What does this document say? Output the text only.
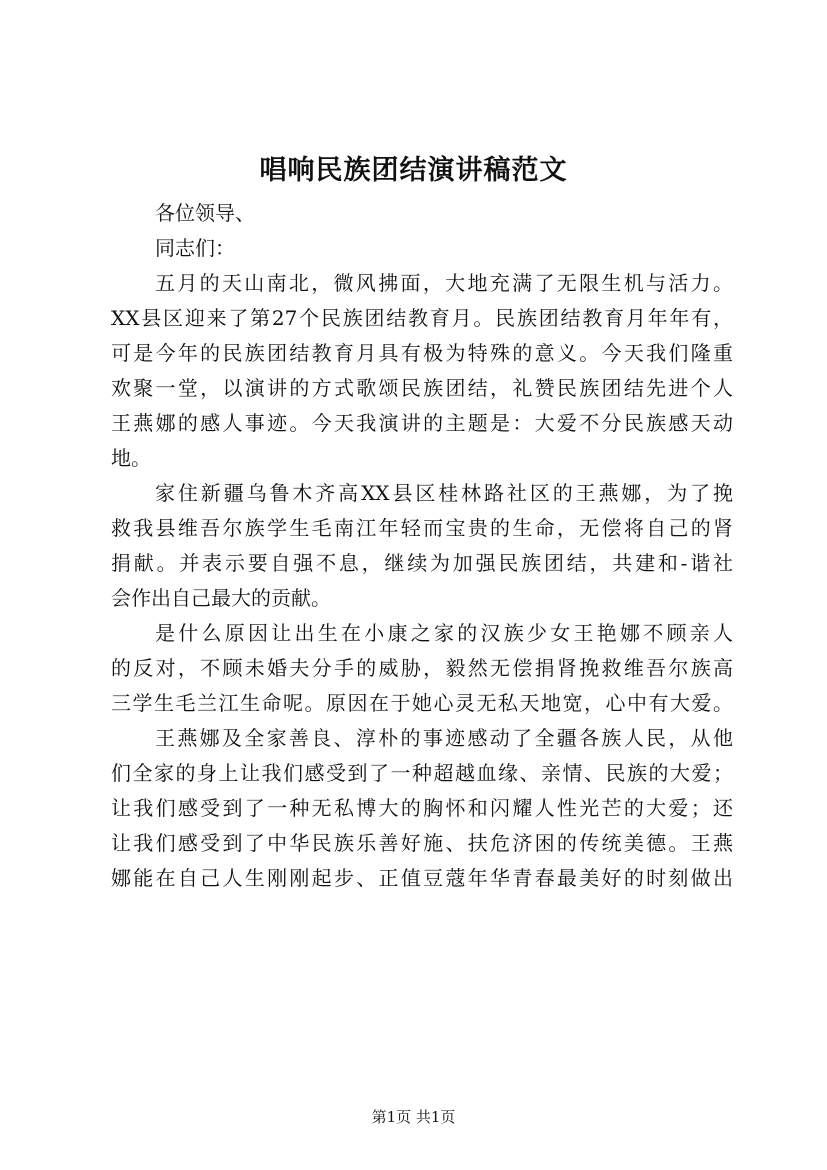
唱响民族团结演讲稿范文

各位领导、

同志们：

五月的天山南北，微风拂面，大地充满了无限生机与活力。

XX县区迎来了第27个民族团结教育月。民族团结教育月年年有，

可是今年的民族团结教育月具有极为特殊的意义。今天我们隆重

欢聚一堂，以演讲的方式歌颂民族团结，礼赞民族团结先进个人

王燕娜的感人事迹。今天我演讲的主题是：大爱不分民族感天动

地。

家住新疆乌鲁木齐高XX县区桂林路社区的王燕娜，为了挽

救我县维吾尔族学生毛南江年轻而宝贵的生命，无偿将自己的肾

捐献。并表示要自强不息，继续为加强民族团结，共建和-谐社

会作出自己最大的贡献。

是什么原因让出生在小康之家的汉族少女王艳娜不顾亲人

的反对，不顾未婚夫分手的威胁，毅然无偿捐肾挽救维吾尔族高

三学生毛兰江生命呢。原因在于她心灵无私天地宽，心中有大爱。

王燕娜及全家善良、淳朴的事迹感动了全疆各族人民，从他

们全家的身上让我们感受到了一种超越血缘、亲情、民族的大爱；

让我们感受到了一种无私博大的胸怀和闪耀人性光芒的大爱；还

让我们感受到了中华民族乐善好施、扶危济困的传统美德。王燕

娜能在自己人生刚刚起步、正值豆蔻年华青春最美好的时刻做出

第1页 共1页
